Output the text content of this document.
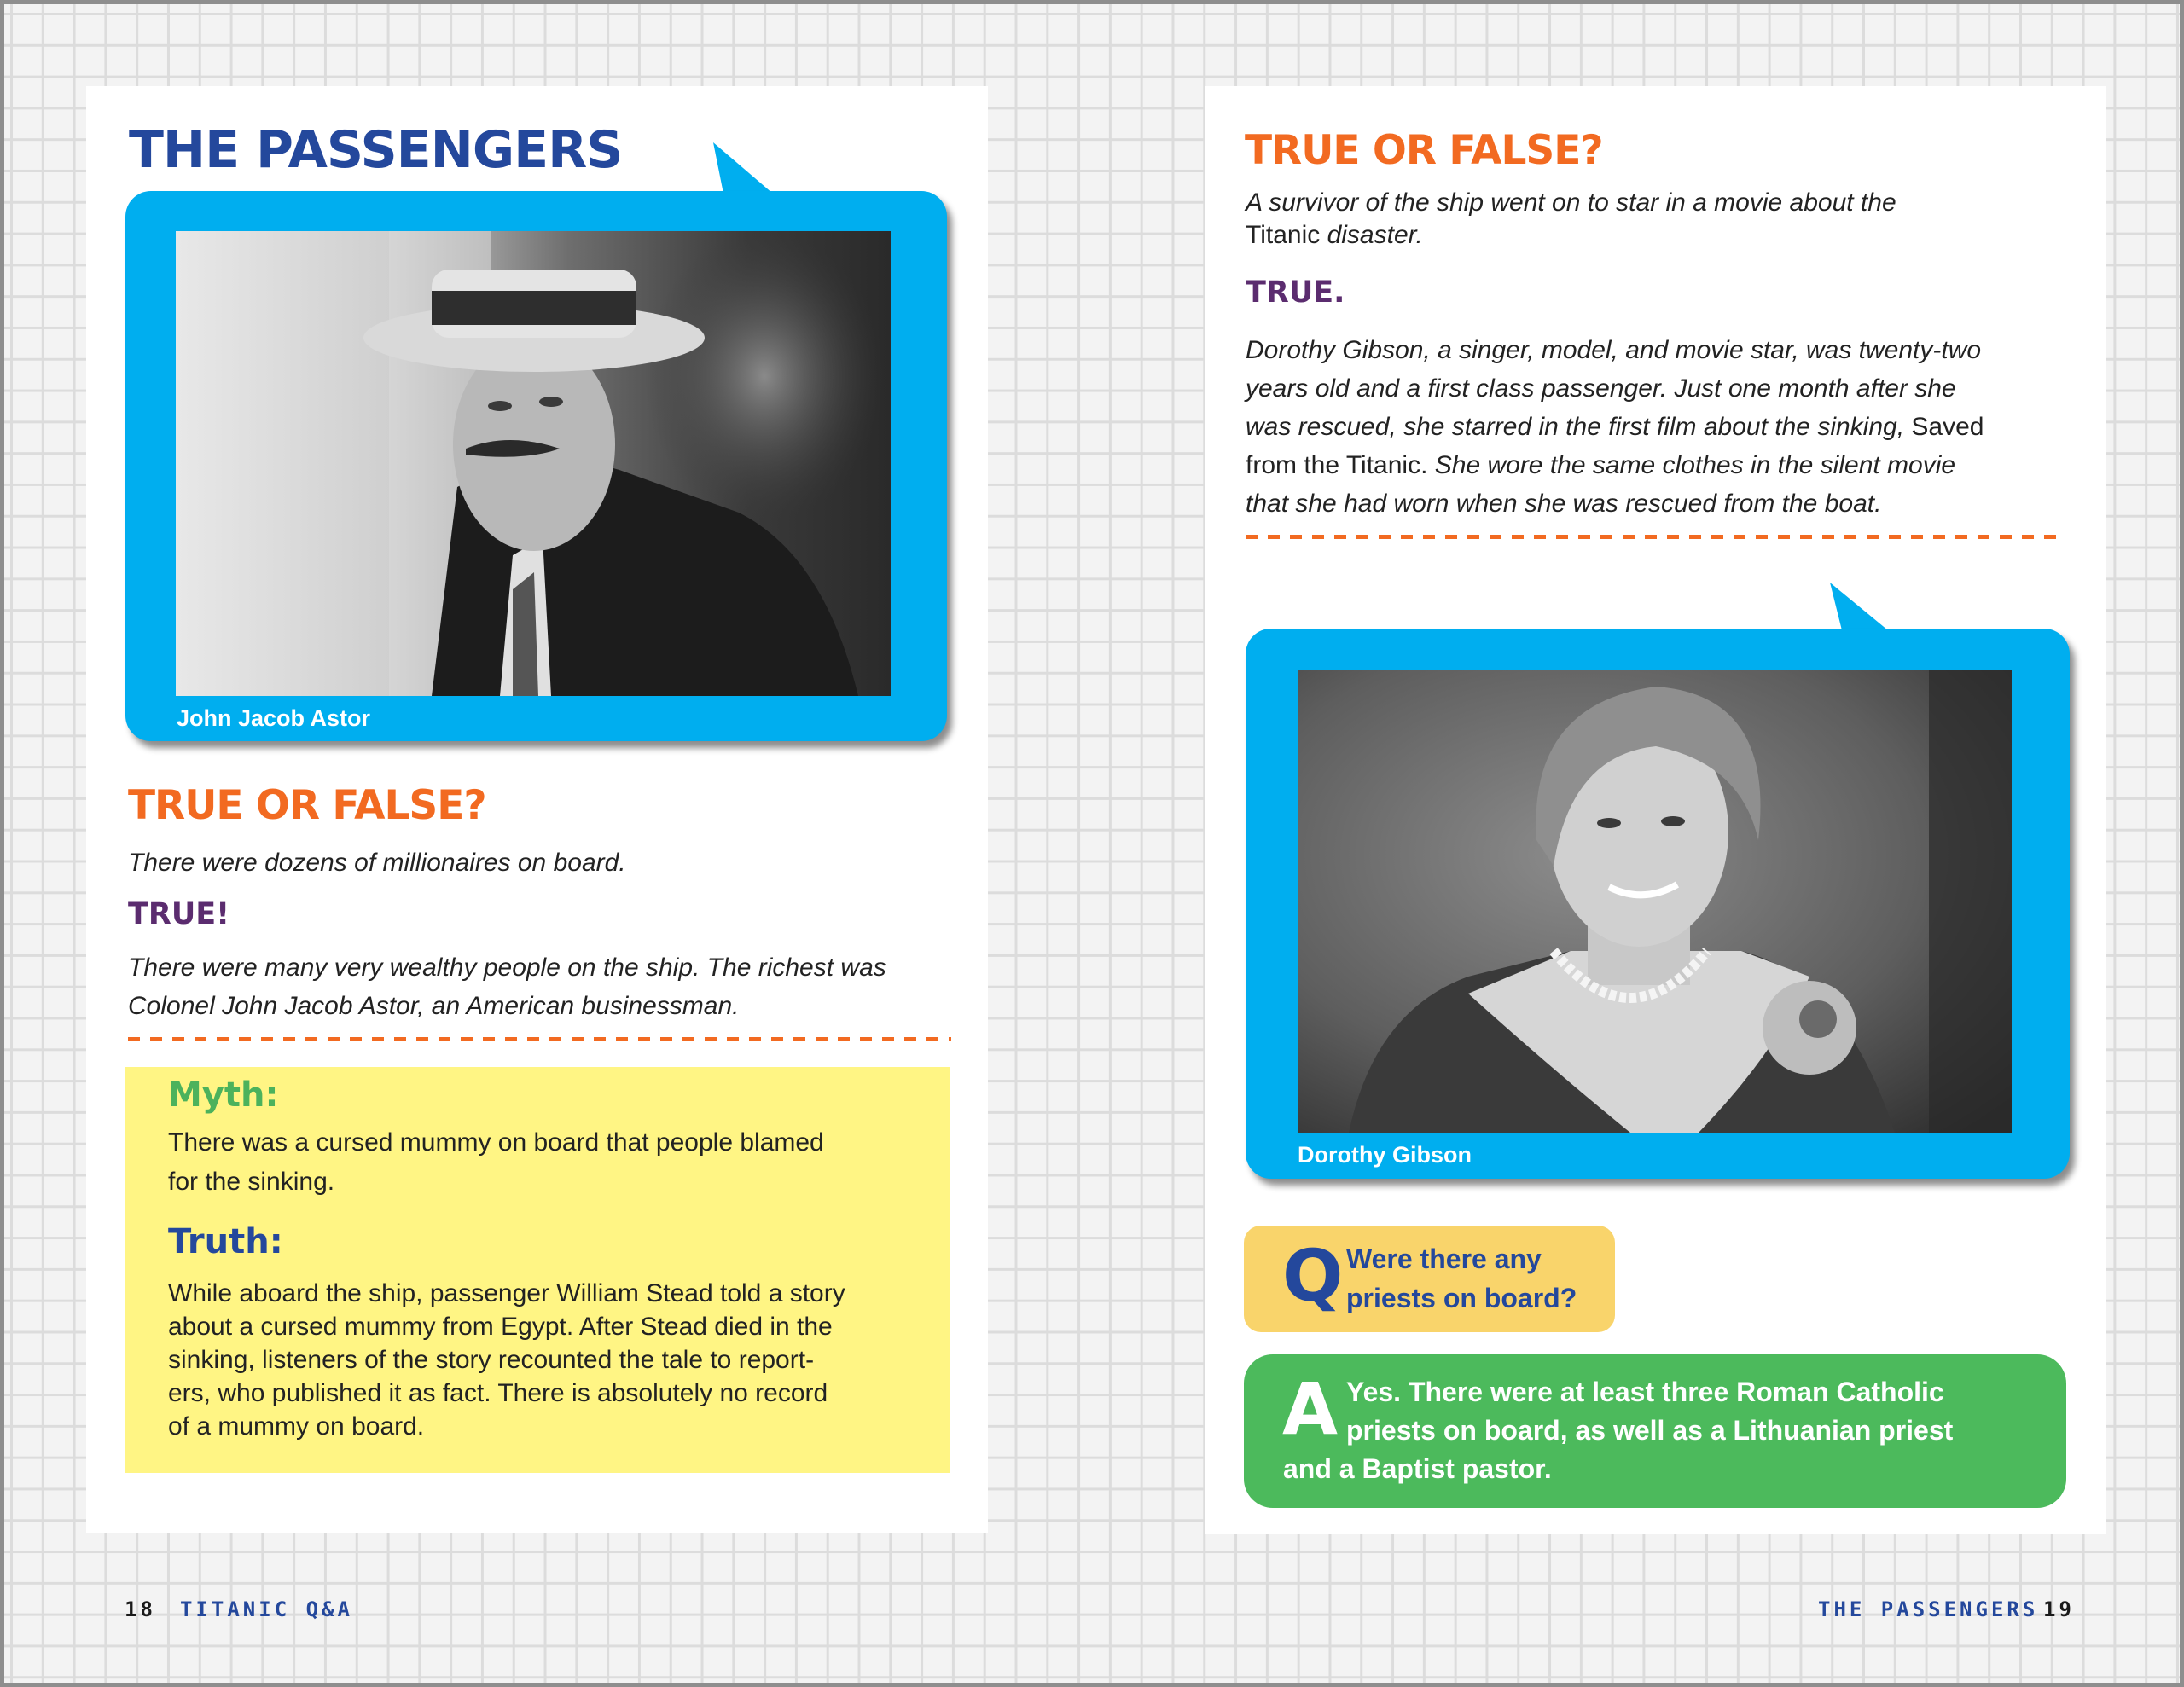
THE PASSENGERS
John Jacob Astor
TRUE OR FALSE?
There were dozens of millionaires on board.
TRUE!
There were many very wealthy people on the ship. The richest was
Colonel John Jacob Astor, an American businessman.
Myth:
There was a cursed mummy on board that people blamed
for the sinking.
Truth:
While aboard the ship, passenger William Stead told a story
about a cursed mummy from Egypt. After Stead died in the
sinking, listeners of the story recounted the tale to report-
ers, who published it as fact. There is absolutely no record
of a mummy on board.
18 TITANIC Q&A
TRUE OR FALSE?
A survivor of the ship went on to star in a movie about the
Titanic disaster.
TRUE.
Dorothy Gibson, a singer, model, and movie star, was twenty-two
years old and a first class passenger. Just one month after she
was rescued, she starred in the first film about the sinking, Saved
from the Titanic. She wore the same clothes in the silent movie
that she had worn when she was rescued from the boat.
Dorothy Gibson
Q Were there any
priests on board?
A Yes. There were at least three Roman Catholic
priests on board, as well as a Lithuanian priest
and a Baptist pastor.
THE PASSENGERS 19
